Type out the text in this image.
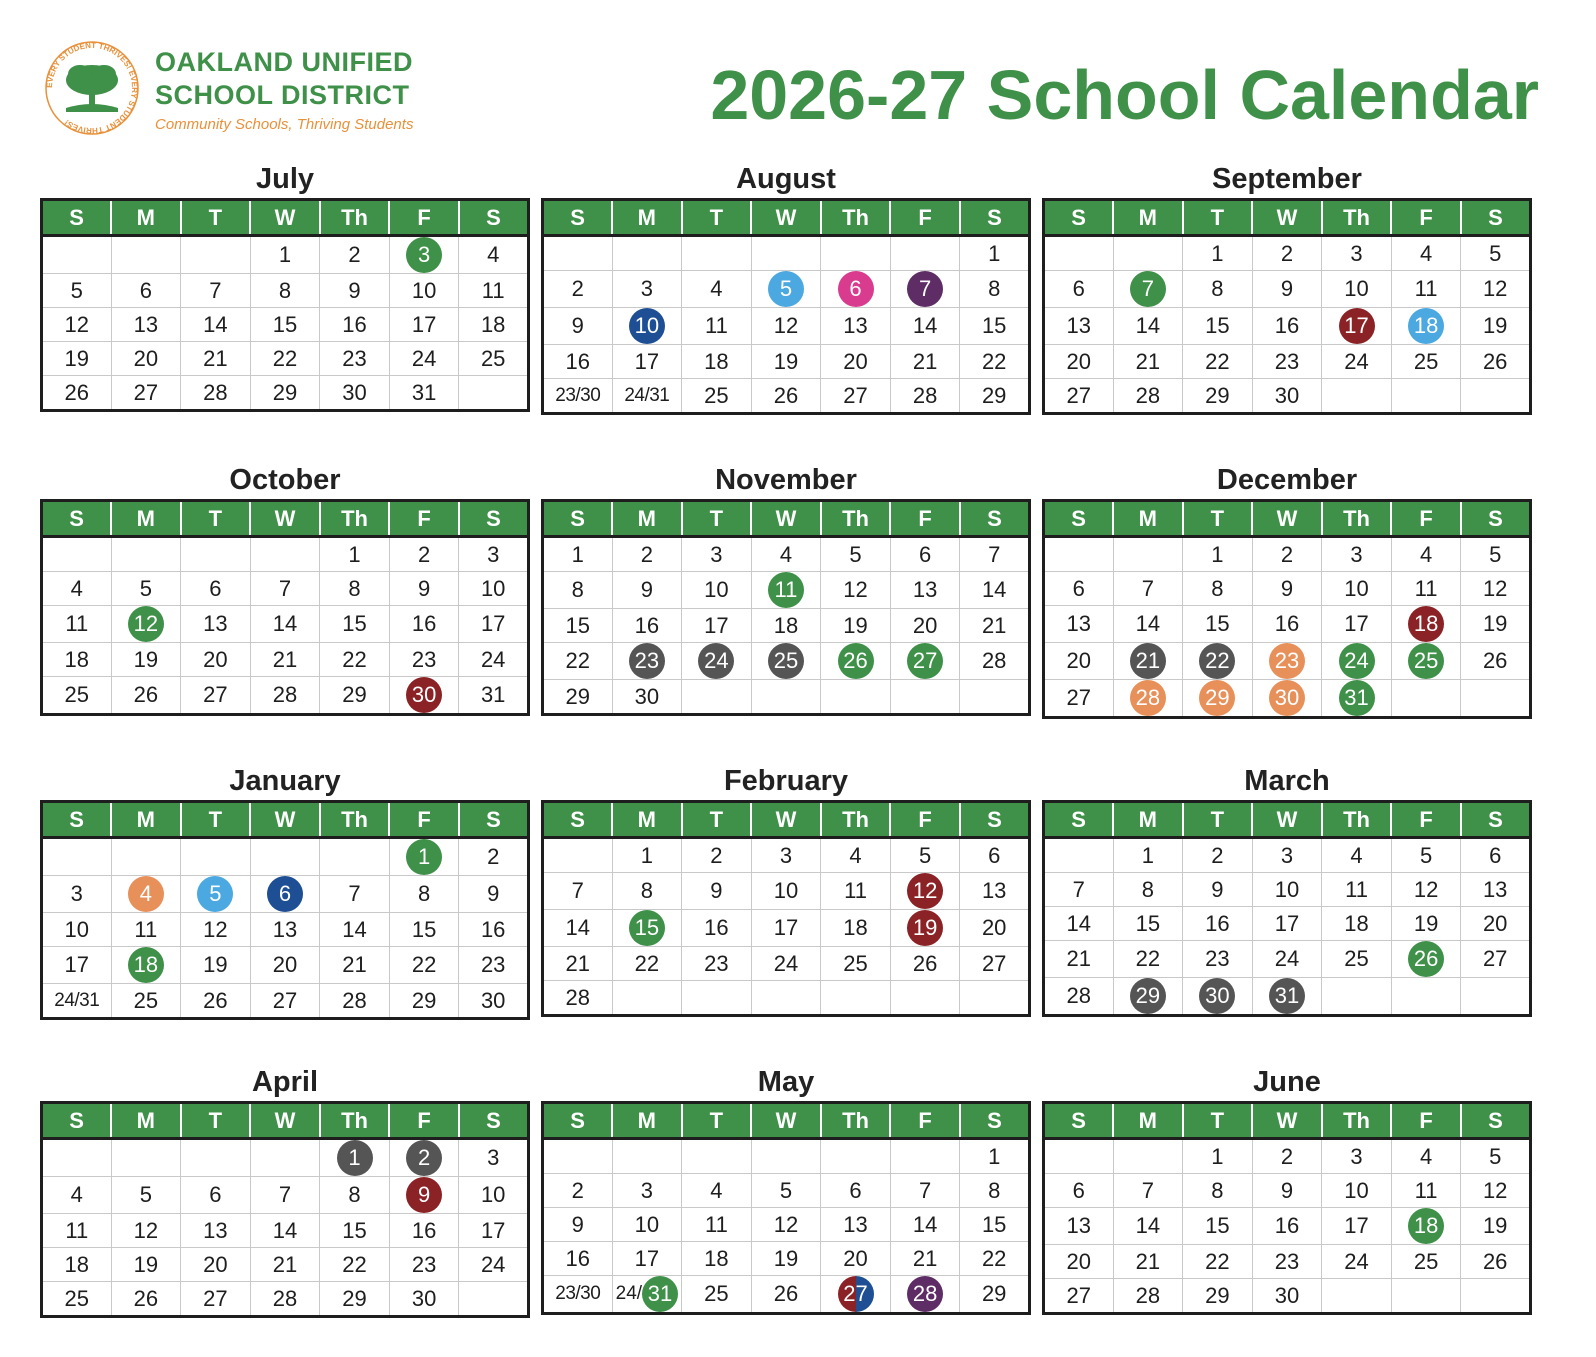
EVERY STUDENT THRIVES! EVERY STUDENT THRIVES!
OAKLAND UNIFIED
SCHOOL DISTRICT
Community Schools, Thriving Students	2026-27 School Calendar
July
S	M	T	W	Th	F	S
			1	2	3	4
5	6	7	8	9	10	11
12	13	14	15	16	17	18
19	20	21	22	23	24	25
26	27	28	29	30	31	
August
S	M	T	W	Th	F	S
						1
2	3	4	5	6	7	8
9	10	11	12	13	14	15
16	17	18	19	20	21	22
23/30	24/31	25	26	27	28	29
September
S	M	T	W	Th	F	S
		1	2	3	4	5
6	7	8	9	10	11	12
13	14	15	16	17	18	19
20	21	22	23	24	25	26
27	28	29	30			
October
S	M	T	W	Th	F	S
				1	2	3
4	5	6	7	8	9	10
11	12	13	14	15	16	17
18	19	20	21	22	23	24
25	26	27	28	29	30	31
November
S	M	T	W	Th	F	S
1	2	3	4	5	6	7
8	9	10	11	12	13	14
15	16	17	18	19	20	21
22	23	24	25	26	27	28
29	30					
December
S	M	T	W	Th	F	S
		1	2	3	4	5
6	7	8	9	10	11	12
13	14	15	16	17	18	19
20	21	22	23	24	25	26
27	28	29	30	31		
January
S	M	T	W	Th	F	S
					1	2
3	4	5	6	7	8	9
10	11	12	13	14	15	16
17	18	19	20	21	22	23
24/31	25	26	27	28	29	30
February
S	M	T	W	Th	F	S
	1	2	3	4	5	6
7	8	9	10	11	12	13
14	15	16	17	18	19	20
21	22	23	24	25	26	27
28						
March
S	M	T	W	Th	F	S
	1	2	3	4	5	6
7	8	9	10	11	12	13
14	15	16	17	18	19	20
21	22	23	24	25	26	27
28	29	30	31			
April
S	M	T	W	Th	F	S
				1	2	3
4	5	6	7	8	9	10
11	12	13	14	15	16	17
18	19	20	21	22	23	24
25	26	27	28	29	30	
May
S	M	T	W	Th	F	S
						1
2	3	4	5	6	7	8
9	10	11	12	13	14	15
16	17	18	19	20	21	22
23/30	24/ 31	25	26	27	28	29
June
S	M	T	W	Th	F	S
		1	2	3	4	5
6	7	8	9	10	11	12
13	14	15	16	17	18	19
20	21	22	23	24	25	26
27	28	29	30			
